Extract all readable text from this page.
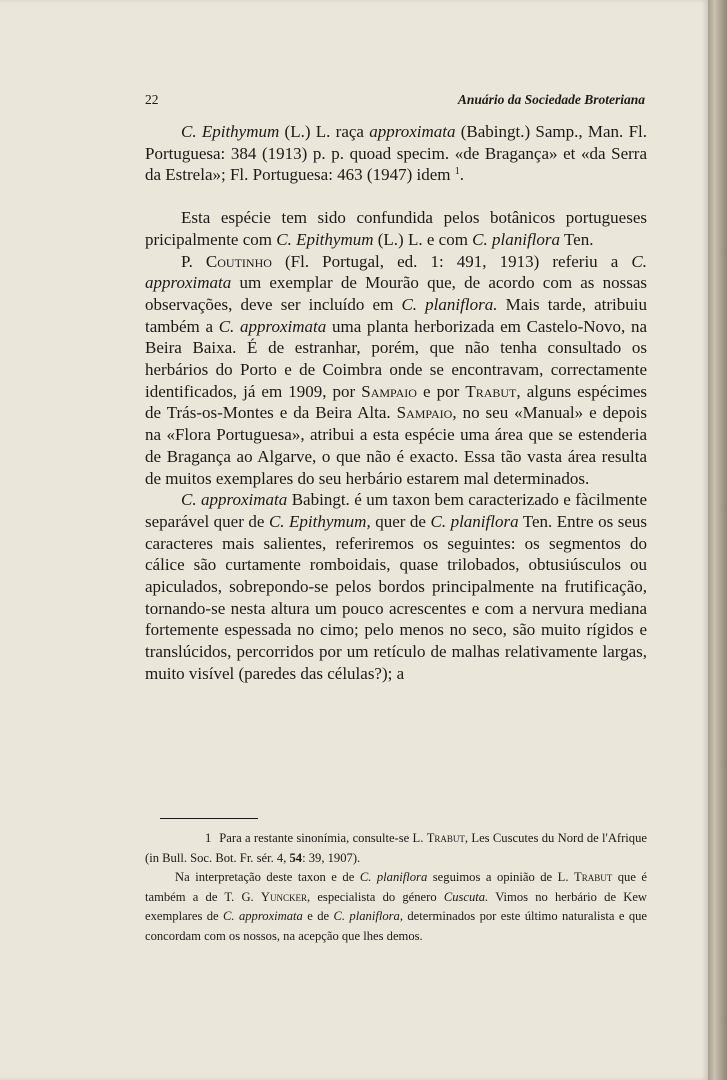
22	Anuário da Sociedade Broteriana

C. Epithymum (L.) L. raça approximata (Babingt.) Samp., Man. Fl. Portuguesa: 384 (1913) p. p. quoad specim. «de Bragança» et «da Serra da Estrela»; Fl. Portuguesa: 463 (1947) idem $^1$.

Esta espécie tem sido confundida pelos botânicos portugueses pricipalmente com C. Epithymum (L.) L. e com C. planiflora Ten.

P. Coutinho (Fl. Portugal, ed. 1: 491, 1913) referiu a C. approximata um exemplar de Mourão que, de acordo com as nossas observações, deve ser incluído em C. planiflora. Mais tarde, atribuiu também a C. approximata uma planta herborizada em Castelo-Novo, na Beira Baixa. É de estranhar, porém, que não tenha consultado os herbários do Porto e de Coimbra onde se encontravam, correctamente identificados, já em 1909, por Sampaio e por Trabut, alguns espécimes de Trás-os-Montes e da Beira Alta. Sampaio, no seu «Manual» e depois na «Flora Portuguesa», atribui a esta espécie uma área que se estenderia de Bragança ao Algarve, o que não é exacto. Essa tão vasta área resulta de muitos exemplares do seu herbário estarem mal determinados.

C. approximata Babingt. é um taxon bem caracterizado e fàcilmente separável quer de C. Epithymum, quer de C. planiflora Ten. Entre os seus caracteres mais salientes, referiremos os seguintes: os segmentos do cálice são curtamente romboidais, quase trilobados, obtusiúsculos ou apiculados, sobrepondo-se pelos bordos principalmente na frutificação, tornando-se nesta altura um pouco acrescentes e com a nervura mediana fortemente espessada no cimo; pelo menos no seco, são muito rígidos e translúcidos, percorridos por um retículo de malhas relativamente largas, muito visível (paredes das células?); a

1 Para a restante sinonímia, consulte-se L. Trabut, Les Cuscutes du Nord de l'Afrique (in Bull. Soc. Bot. Fr. sér. 4, 54: 39, 1907).

Na interpretação deste taxon e de C. planiflora seguimos a opinião de L. Trabut que é também a de T. G. Yuncker, especialista do género Cuscuta. Vimos no herbário de Kew exemplares de C. approximata e de C. planiflora, determinados por este último naturalista e que concordam com os nossos, na acepção que lhes demos.
